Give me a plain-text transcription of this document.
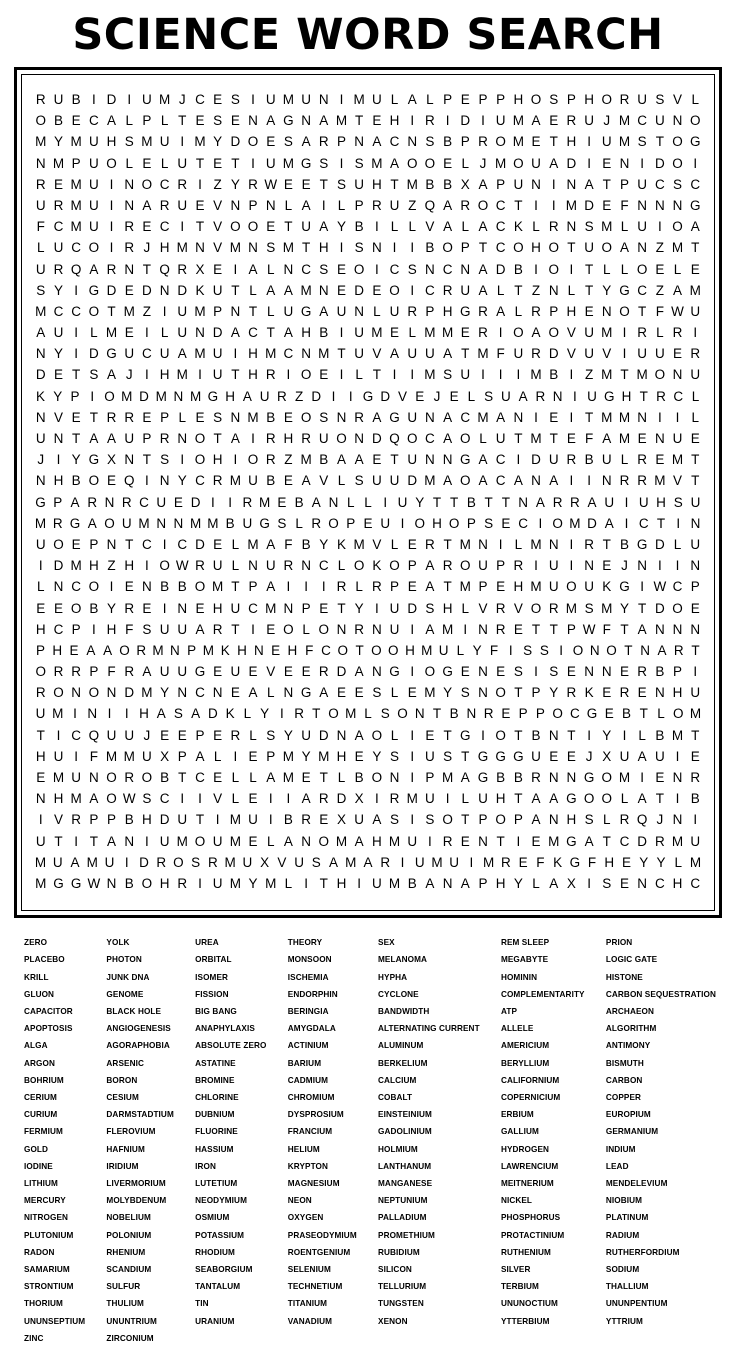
SCIENCE WORD SEARCH
R U B I D I U M J C E S I U M U N I M U L A L P E P P H O S P H O R U S V L
O B E C A L P L T E S E N A G N A M T E H I R I D I U M A E R U J M C U N O
M Y M U H S M U I M Y D O E S A R P N A C N S B P R O M E T H I U M S T O G
N M P U O L E L U T E T I U M G S I S M A O O E L J M O U A D I E N I D O I
R E M U I N O C R I Z Y R W E E T S U H T M B B X A P U N I N A T P U C S C
U R M U I N A R U E V N P N L A I L P R U Z Q A R O C T I	I M D E F N N N G
F C M U I R E C I T V O O E T U A Y B I L L V A L A C K L R N S M L U I O A
L U C O I R J H M N V M N S M T H I S N I	I B O P T C O H O T U O A N Z M T
U R Q A R N T Q R X E I A L N C S E O I C S N C N A D B I O I T L L O E L E
S Y I G D E D N D K U T L A A M N E D E O I C R U A L T Z N L T Y G C Z A M
M C C O T M Z I U M P N T L U G A U N L U R P H G R A L R P H E N O T F W U
A U I L M E I L U N D A C T A H B I U M E L M M E R I O A O V U M I R L R I
N Y I D G U C U A M U I H M C N M T U V A U U A T M F U R D V U V I U U E R
D E T S A J I H M I U T H R I O E I L T I	I M S U I	I	I M B I Z M T M O N U
K Y P I O M D M N M G H A U R Z D I I G D V E J E L S U A R N I U G H T R C L
N V E T R R E P L E S N M B E O S N R A G U N A C M A N I E I T M M N I	I L
U N T A A U P R N O T A I R H R U O N D Q O C A O L U T M T E F A M E N U E
J I Y G X N T S I O H I O R Z M B A A E T U N N G A C I D U R B U L R E M T
N H B O E Q I N Y C R M U B E A V L S U U D M A O A C A N A I	I N R R M V T
G P A R N R C U E D I I R M E B A N L L I U Y T T B T T N A R R A U I U H S U
M R G A O U M N N M M B U G S L R O P E U I O H O P S E C I O M D A I C T I N
U O E P N T C I C D E L M A F B Y K M V L E R T M N I L M N I R T B G D L U
I D M H Z H I O W R U L N U R N C L O K O P A R O U P R I U I N E J N I	I N
L N C O I E N B B O M T P A I	I	I R L R P E A T M P E H M U O U K G I W C P
E E O B Y R E I N E H U C M N P E T Y I U D S H L V R V O R M S M Y T D O E
H C P I H F S U U A R T I E O L O N R N U I A M I N R E T T P W F T A N N N
P H E A A O R M N P M K H N E H F C O T O O H M U L Y F I S S I O N O T N A R T
O R R P F R A U U G E U E V E E R D A N G I O G E N E S I S E N N E R B P I
R O N O N D M Y N C N E A L N G A E E S L E M Y S N O T P Y R K E R E N H U
U M I N I I H A S A D K L Y I R T O M L S O N T B N R E P P O C G E B T L O M
T I C Q U U J E E P E R L S Y U D N A O L I E T G I O T B N T I Y I L B M T
H U I F M M U X P A L I E P M Y M H E Y S I U S T G G G U E E J X U A U I E
E M U N O R O B T C E L L A M E T L B O N I P M A G B B R N N G O M I E N R
N H M A O W S C I	I V L E I	I A R D X I R M U I L U H T A A G O O L A T I B
I V R P P B H D U T I M U I B R E X U A S I S O T P O P A N H S L R Q J N I
U T I T A N I U M O U M E L A N O M A H M U I R E N T I E M G A T C D R M U
M U A M U I D R O S R M U X V U S A M A R I U M U I M R E F K G F H E Y Y L M
M G G W N B O H R I U M Y M L I T H I U M B A N A P H Y L A X I S E N C H C
ZERO
PLACEBO
KRILL
GLUON
CAPACITOR
APOPTOSIS
ALGA
ARGON
BOHRIUM
CERIUM
CURIUM
FERMIUM
GOLD
IODINE
LITHIUM
MERCURY
NITROGEN
PLUTONIUM
RADON
SAMARIUM
STRONTIUM
THORIUM
UNUNSEPTIUM
ZINC
YOLK
PHOTON
JUNK DNA
GENOME
BLACK HOLE
ANGIOGENESIS
AGORAPHOBIA
ARSENIC
BORON
CESIUM
DARMSTADTIUM
FLEROVIUM
HAFNIUM
IRIDIUM
LIVERMORIUM
MOLYBDENUM
NOBELIUM
POLONIUM
RHENIUM
SCANDIUM
SULFUR
THULIUM
UNUNTRIUM
ZIRCONIUM
UREA
ORBITAL
ISOMER
FISSION
BIG BANG
ANAPHYLAXIS
ABSOLUTE ZERO
ASTATINE
BROMINE
CHLORINE
DUBNIUM
FLUORINE
HASSIUM
IRON
LUTETIUM
NEODYMIUM
OSMIUM
POTASSIUM
RHODIUM
SEABORGIUM
TANTALUM
TIN
URANIUM
THEORY
MONSOON
ISCHEMIA
ENDORPHIN
BERINGIA
AMYGDALA
ACTINIUM
BARIUM
CADMIUM
CHROMIUM
DYSPROSIUM
FRANCIUM
HELIUM
KRYPTON
MAGNESIUM
NEON
OXYGEN
PRASEODYMIUM
ROENTGENIUM
SELENIUM
TECHNETIUM
TITANIUM
VANADIUM
SEX
MELANOMA
HYPHA
CYCLONE
BANDWIDTH
ALTERNATING CURRENT
ALUMINUM
BERKELIUM
CALCIUM
COBALT
EINSTEINIUM
GADOLINIUM
HOLMIUM
LANTHANUM
MANGANESE
NEPTUNIUM
PALLADIUM
PROMETHIUM
RUBIDIUM
SILICON
TELLURIUM
TUNGSTEN
XENON
REM SLEEP
MEGABYTE
HOMININ
COMPLEMENTARITY
ATP
ALLELE
AMERICIUM
BERYLLIUM
CALIFORNIUM
COPERNICIUM
ERBIUM
GALLIUM
HYDROGEN
LAWRENCIUM
MEITNERIUM
NICKEL
PHOSPHORUS
PROTACTINIUM
RUTHENIUM
SILVER
TERBIUM
UNUNOCTIUM
YTTERBIUM
PRION
LOGIC GATE
HISTONE
CARBON SEQUESTRATION
ARCHAEON
ALGORITHM
ANTIMONY
BISMUTH
CARBON
COPPER
EUROPIUM
GERMANIUM
INDIUM
LEAD
MENDELEVIUM
NIOBIUM
PLATINUM
RADIUM
RUTHERFORDIUM
SODIUM
THALLIUM
UNUNPENTIUM
YTTRIUM
